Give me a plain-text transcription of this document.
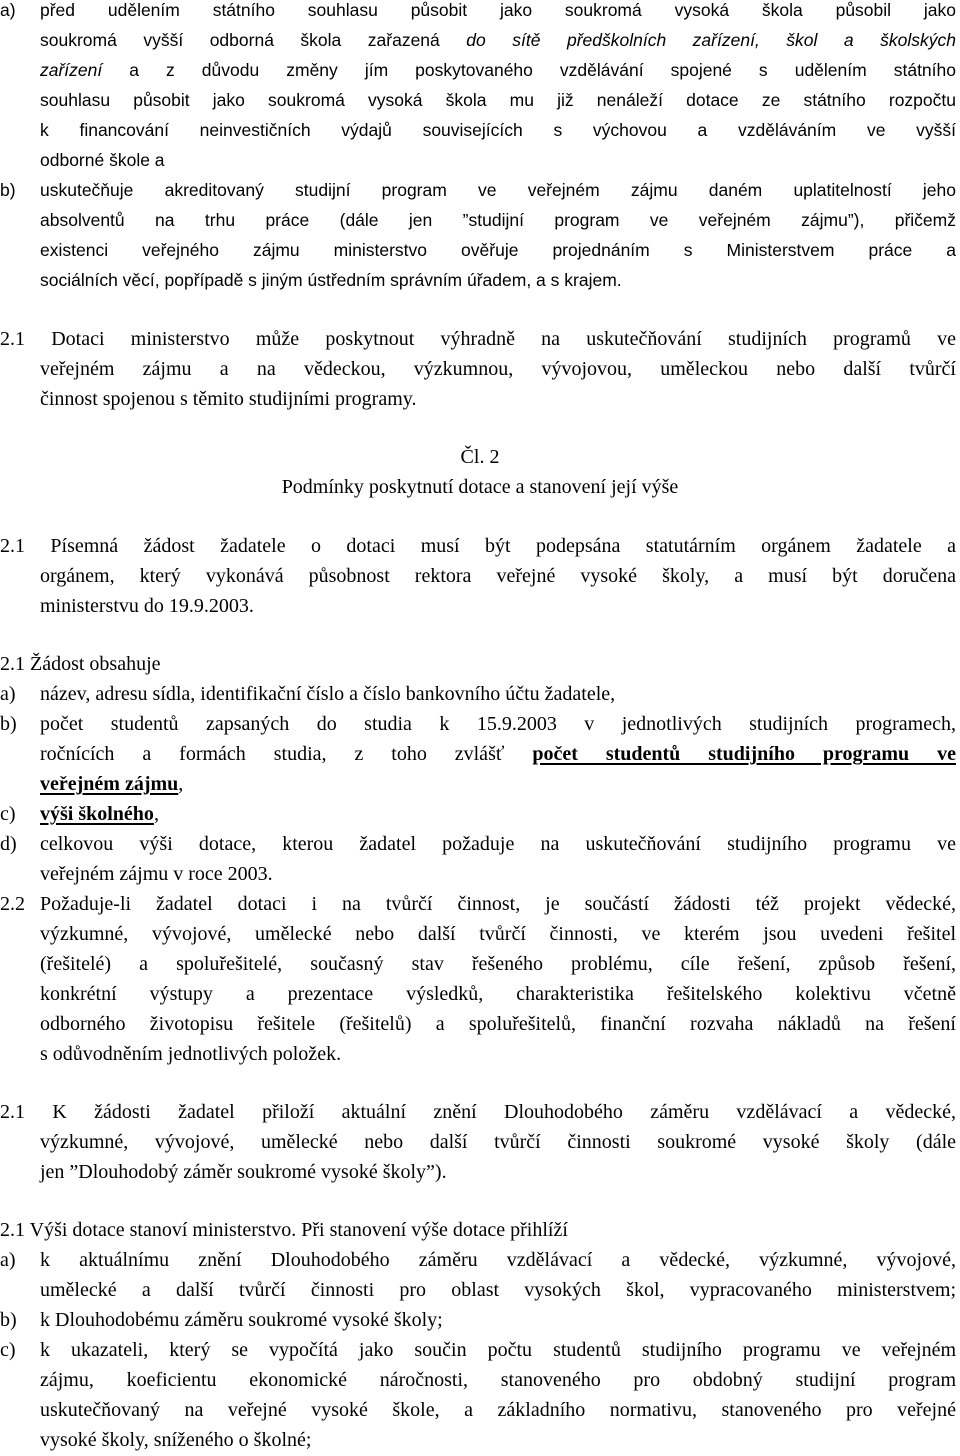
a) před udělením státního souhlasu působit jako soukromá vysoká škola působil jako
soukromá vyšší odborná škola zařazená do sítě předškolních zařízení, škol a školských
zařízení a z důvodu změny jím poskytovaného vzdělávání spojené s udělením státního
souhlasu působit jako soukromá vysoká škola mu již nenáleží dotace ze státního rozpočtu
k financování neinvestičních výdajů souvisejících s výchovou a vzděláváním ve vyšší
odborné škole a
b) uskutečňuje akreditovaný studijní program ve veřejném zájmu daném uplatitelností jeho
absolventů na trhu práce (dále jen ”studijní program ve veřejném zájmu”), přičemž
existenci veřejného zájmu ministerstvo ověřuje projednáním s Ministerstvem práce a
sociálních věcí, popřípadě s jiným ústředním správním úřadem, a s krajem.
2.1 Dotaci ministerstvo může poskytnout výhradně na uskutečňování studijních programů ve
veřejném zájmu a na vědeckou, výzkumnou, vývojovou, uměleckou nebo další tvůrčí
činnost spojenou s těmito studijními programy.
Čl. 2
Podmínky poskytnutí dotace a stanovení její výše
2.1 Písemná žádost žadatele o dotaci musí být podepsána statutárním orgánem žadatele a
orgánem, který vykonává působnost rektora veřejné vysoké školy, a musí být doručena
ministerstvu do 19.9.2003.
2.1 Žádost obsahuje
a) název, adresu sídla, identifikační číslo a číslo bankovního účtu žadatele,
b) počet studentů zapsaných do studia k 15.9.2003 v jednotlivých studijních programech,
ročnících a formách studia, z toho zvlášť počet studentů studijního programu ve
veřejném zájmu,
c) výši školného,
d) celkovou výši dotace, kterou žadatel požaduje na uskutečňování studijního programu ve
veřejném zájmu v roce 2003.
2.2 Požaduje-li žadatel dotaci i na tvůrčí činnost, je součástí žádosti též projekt vědecké,
výzkumné, vývojové, umělecké nebo další tvůrčí činnosti, ve kterém jsou uvedeni řešitel
(řešitelé) a spoluřešitelé, současný stav řešeného problému, cíle řešení, způsob řešení,
konkrétní výstupy a prezentace výsledků, charakteristika řešitelského kolektivu včetně
odborného životopisu řešitele (řešitelů) a spoluřešitelů, finanční rozvaha nákladů na řešení
s odůvodněním jednotlivých položek.
2.1 K žádosti žadatel přiloží aktuální znění Dlouhodobého záměru vzdělávací a vědecké,
výzkumné, vývojové, umělecké nebo další tvůrčí činnosti soukromé vysoké školy (dále
jen ”Dlouhodobý záměr soukromé vysoké školy”).
2.1 Výši dotace stanoví ministerstvo. Při stanovení výše dotace přihlíží
a) k aktuálnímu znění Dlouhodobého záměru vzdělávací a vědecké, výzkumné, vývojové,
umělecké a další tvůrčí činnosti pro oblast vysokých škol, vypracovaného ministerstvem;
b) k Dlouhodobému záměru soukromé vysoké školy;
c) k ukazateli, který se vypočítá jako součin počtu studentů studijního programu ve veřejném
zájmu, koeficientu ekonomické náročnosti, stanoveného pro obdobný studijní program
uskutečňovaný na veřejné vysoké škole, a základního normativu, stanoveného pro veřejné
vysoké školy, sníženého o školné;
